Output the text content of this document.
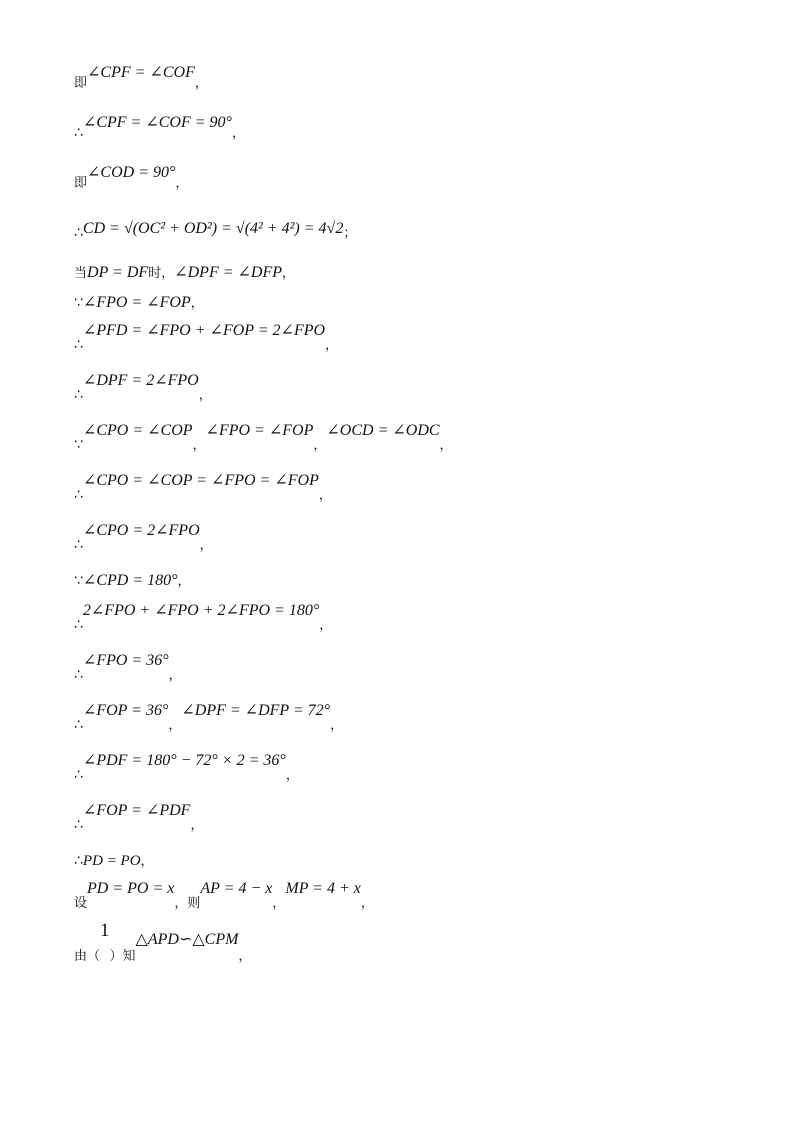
$_即$∠CPF = $\angle COF_,$
∴∠CPF = ∠COF = $90^\circ_,$
$_即$∠COD = $90^\circ_,$
∴CD = $√(OC^2 + OD^2) = √(4^2 + 4^2) = 4√2_;$
当DP = DF时，∠DPF = ∠DFP，
∵∠FPO = ∠FOP，
∴∠PFD = ∠FPO + ∠FOP = $2\angle FPO_,$
∴∠DPF = $2\angle FPO_,$
∵∠CPO = $\angle COP_,\angle FPO$ = $\angle FOP_,\angle OCD$ = $\angle ODC_,$
∴∠CPO = ∠COP = ∠FPO = $\angle FOP_,$
∴∠CPO = $2\angle FPO_,$
∵∠CPD = 180°，
∴2∠FPO + ∠FPO + 2∠FPO = $180^\circ_,$
∴∠FPO = $36^\circ_,$
∴∠FOP = $36^\circ_,\angle DPF$ = ∠DFP = $72^\circ_,$
∴∠PDF = $180^\circ - 72^\circ \times 2 = 36^\circ_,$
∴∠FOP = $\angle PDF_,$
∴PD = PO，
$_设$PD = PO = $x_{,则}AP = 4 - x_,MP = 4 + x_,$
$_{由(}1_{)知}\triangle APD∽\triangle CPM_,$
